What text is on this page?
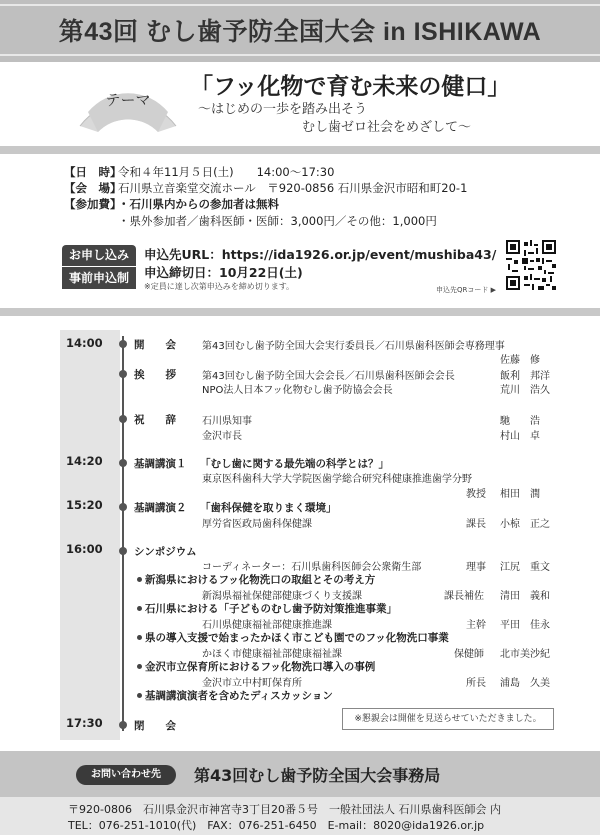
第43回 むし歯予防全国大会 in ISHIKAWA
テーマ	「フッ化物で育む未来の健口」
～はじめの一歩を踏み出そう
むし歯ゼロ社会をめざして～
【日　時】令和４年11月５日(土)　　14:00～17:30
【会　場】石川県立音楽堂交流ホール　〒920-0856 石川県金沢市昭和町20-1
【参加費】・石川県内からの参加者は無料
・県外参加者／歯科医師・医師：3,000円／その他：1,000円
お申し込み
事前申込制
申込先URL：https://ida1926.or.jp/event/mushiba43/
申込締切日：10月22日(土)
※定員に達し次第申込みを締め切ります。	申込先QRコード ▶
14:00	開　　会	第43回むし歯予防全国大会実行委員長／石川県歯科医師会専務理事
佐藤　修
挨　　拶	第43回むし歯予防全国大会会長／石川県歯科医師会会長	飯利　邦洋
NPO法人日本フッ化物むし歯予防協会会長	荒川　浩久
祝　　辞	石川県知事	馳　　浩
金沢市長	村山　卓
14:20	基調講演１ 「むし歯に関する最先端の科学とは？」
東京医科歯科大学大学院医歯学総合研究科健康推進歯学分野
教授 相田　潤
15:20	基調講演２ 「歯科保健を取りまく環境」
厚労省医政局歯科保健課	課長 小椋　正之
16:00	シンポジウム
コーディネーター：石川県歯科医師会公衆衛生部	理事 江尻　重文
新潟県におけるフッ化物洗口の取組とその考え方
新潟県福祉保健部健康づくり支援課	課長補佐 清田　義和
石川県における「子どものむし歯予防対策推進事業」
石川県健康福祉部健康推進課	主幹 平田　佳永
県の導入支援で始まったかほく市こども園でのフッ化物洗口事業
かほく市健康福祉部健康福祉課	保健師 北市美沙紀
金沢市立保育所におけるフッ化物洗口導入の事例
金沢市立中村町保育所	所長 浦島　久美
基調講演演者を含めたディスカッション
17:30	閉　　会
※懇親会は開催を見送らせていただきました。
お問い合わせ先	第43回むし歯予防全国大会事務局
〒920-0806　石川県金沢市神宮寺3丁目20番５号　一般社団法人 石川県歯科医師会 内
TEL：076-251-1010(代)　FAX：076-251-6450　E-mail：8020@ida1926.or.jp
